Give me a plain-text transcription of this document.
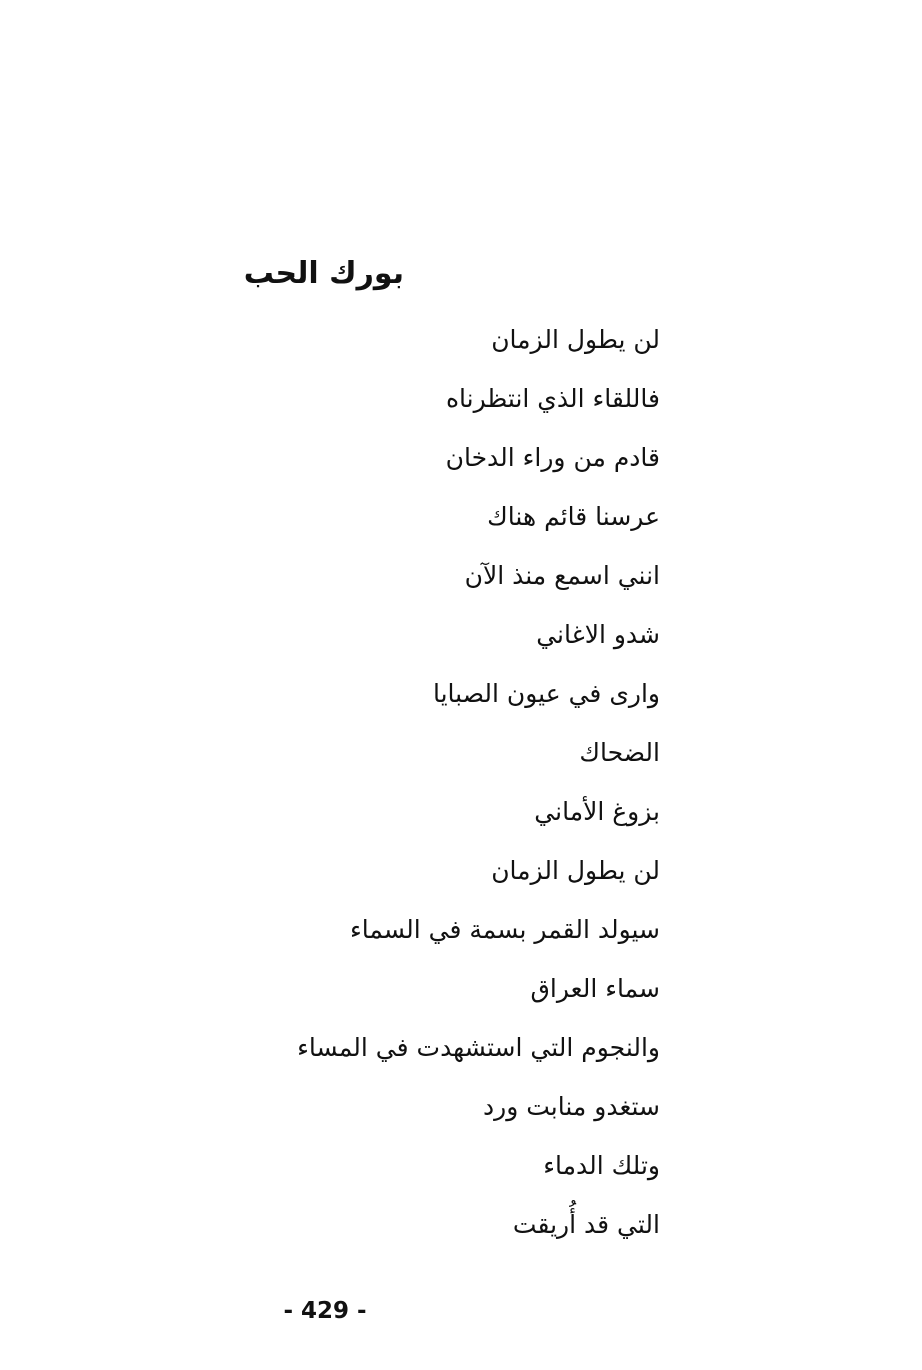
بورك الحب
لن يطول الزمان
فاللقاء الذي انتظرناه
قادم من وراء الدخان
عرسنا قائم هناك
انني اسمع منذ الآن
شدو الاغاني
وارى في عيون الصبايا
الضحاك
بزوغ الأماني
لن يطول الزمان
سيولد القمر بسمة في السماء
سماء العراق
والنجوم التي استشهدت في المساء
ستغدو منابت ورد
وتلك الدماء
التي قد أُريقت
- 429 -
